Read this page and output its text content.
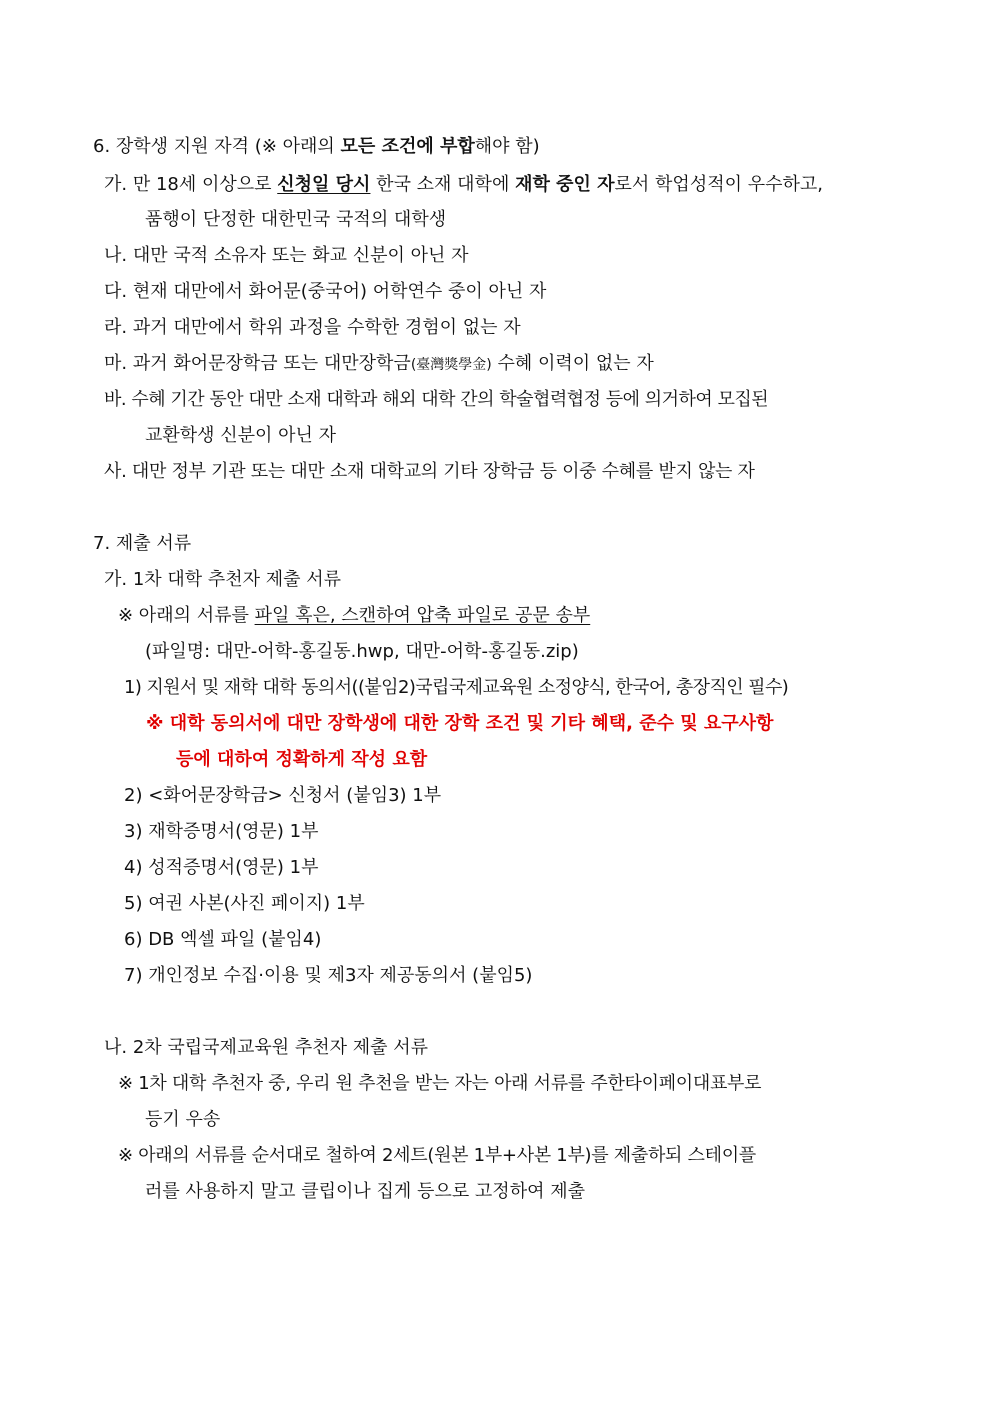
6. 장학생 지원 자격 (※ 아래의 모든 조건에 부합해야 함)
가. 만 18세 이상으로 신청일 당시 한국 소재 대학에 재학 중인 자로서 학업성적이 우수하고,
품행이 단정한 대한민국 국적의 대학생
나. 대만 국적 소유자 또는 화교 신분이 아닌 자
다. 현재 대만에서 화어문(중국어) 어학연수 중이 아닌 자
라. 과거 대만에서 학위 과정을 수학한 경험이 없는 자
마. 과거 화어문장학금 또는 대만장학금(臺灣獎學金) 수혜 이력이 없는 자
바. 수혜 기간 동안 대만 소재 대학과 해외 대학 간의 학술협력협정 등에 의거하여 모집된
교환학생 신분이 아닌 자
사. 대만 정부 기관 또는 대만 소재 대학교의 기타 장학금 등 이중 수혜를 받지 않는 자
7. 제출 서류
가. 1차 대학 추천자 제출 서류
※ 아래의 서류를 파일 혹은, 스캔하여 압축 파일로 공문 송부
(파일명: 대만-어학-홍길동.hwp, 대만-어학-홍길동.zip)
1) 지원서 및 재학 대학 동의서((붙임2)국립국제교육원 소정양식, 한국어, 총장직인 필수)
※ 대학 동의서에 대만 장학생에 대한 장학 조건 및 기타 혜택, 준수 및 요구사항
등에 대하여 정확하게 작성 요함
2) <화어문장학금> 신청서 (붙임3) 1부
3) 재학증명서(영문) 1부
4) 성적증명서(영문) 1부
5) 여권 사본(사진 페이지) 1부
6) DB 엑셀 파일 (붙임4)
7) 개인정보 수집·이용 및 제3자 제공동의서 (붙임5)
나. 2차 국립국제교육원 추천자 제출 서류
※ 1차 대학 추천자 중, 우리 원 추천을 받는 자는 아래 서류를 주한타이페이대표부로
등기 우송
※ 아래의 서류를 순서대로 철하여 2세트(원본 1부+사본 1부)를 제출하되 스테이플
러를 사용하지 말고 클립이나 집게 등으로 고정하여 제출
